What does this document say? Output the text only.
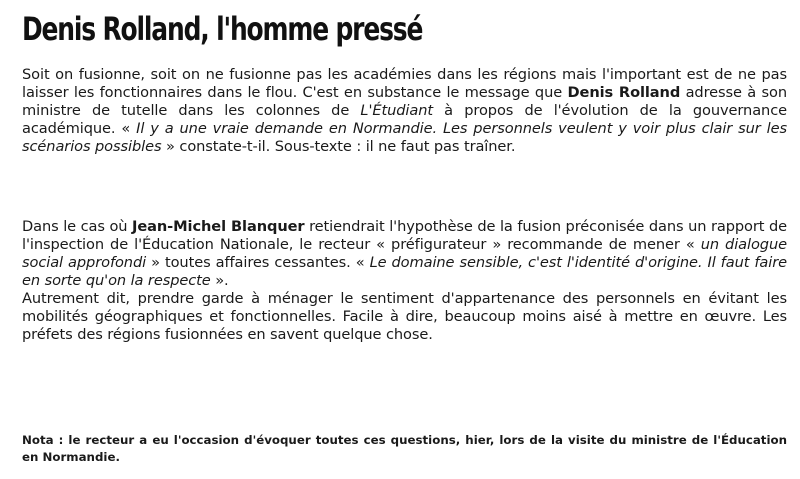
Denis Rolland, l'homme pressé

Soit on fusionne, soit on ne fusionne pas les académies dans les régions mais l'important est de ne pas laisser les fonctionnaires dans le flou. C'est en substance le message que Denis Rolland adresse à son ministre de tutelle dans les colonnes de L'Étudiant à propos de l'évolution de la gouvernance académique. « Il y a une vraie demande en Normandie. Les personnels veulent y voir plus clair sur les scénarios possibles » constate-t-il. Sous-texte : il ne faut pas traîner.

Dans le cas où Jean-Michel Blanquer retiendrait l'hypothèse de la fusion préconisée dans un rapport de l'inspection de l'Éducation Nationale, le recteur « préfigurateur » recommande de mener « un dialogue social approfondi » toutes affaires cessantes. « Le domaine sensible, c'est l'identité d'origine. Il faut faire en sorte qu'on la respecte ».

Autrement dit, prendre garde à ménager le sentiment d'appartenance des personnels en évitant les mobilités géographiques et fonctionnelles. Facile à dire, beaucoup moins aisé à mettre en œuvre. Les préfets des régions fusionnées en savent quelque chose.

Nota : le recteur a eu l'occasion d'évoquer toutes ces questions, hier, lors de la visite du ministre de l'Éducation en Normandie.
